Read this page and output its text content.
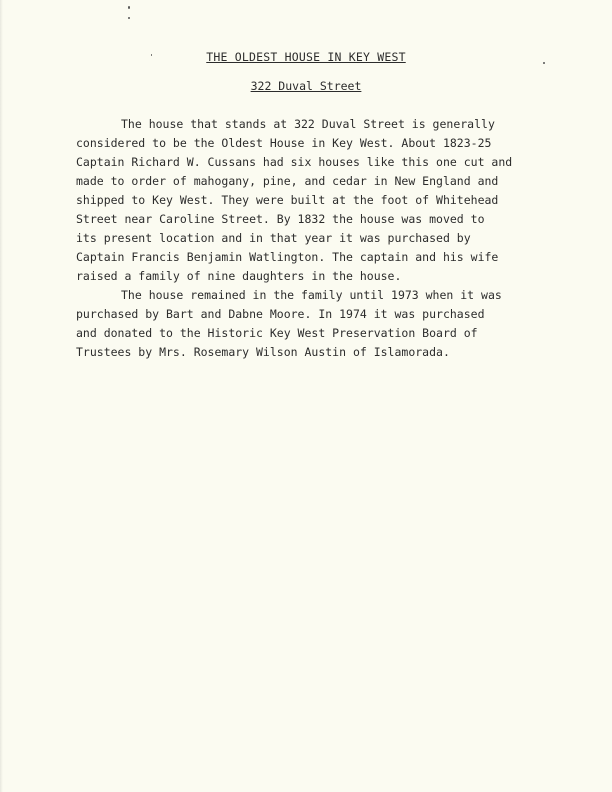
THE OLDEST HOUSE IN KEY WEST
322 Duval Street
The house that stands at 322 Duval Street is generally
considered to be the Oldest House in Key West. About 1823-25
Captain Richard W. Cussans had six houses like this one cut and
made to order of mahogany, pine, and cedar in New England and
shipped to Key West. They were built at the foot of Whitehead
Street near Caroline Street. By 1832 the house was moved to
its present location and in that year it was purchased by
Captain Francis Benjamin Watlington. The captain and his wife
raised a family of nine daughters in the house.
The house remained in the family until 1973 when it was
purchased by Bart and Dabne Moore. In 1974 it was purchased
and donated to the Historic Key West Preservation Board of
Trustees by Mrs. Rosemary Wilson Austin of Islamorada.
